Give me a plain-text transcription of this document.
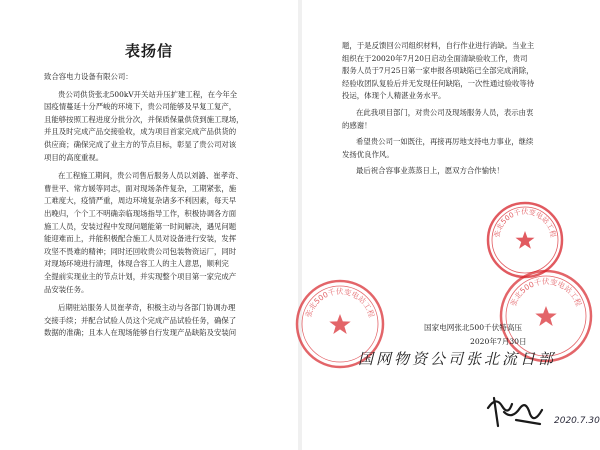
表扬信
致合容电力设备有限公司：
贵公司供货张北500kV开关站升压扩建工程，在今年全
国疫情蔓延十分严峻的环境下，贵公司能够及早复工复产，
且能够按照工程进度分批分次，并保质保量供货到施工现场，
并且及时完成产品交接验收，成为项目首家完成产品供货的
供应商；确保完成了业主方的节点目标，彰显了贵公司对该
项目的高度重视。
在工程施工期间，贵公司售后服务人员以刘潞、崔孝奇、
曹世平、常方媛等同志，面对现场条件复杂，工期紧张，施
工难度大，疫情严重，周边环境复杂诸多不利因素，每天早
出晚归，个个工不明确亲临现场指导工作，积极协调各方面
施工人员，安装过程中发现问题能第一时间解决，遇见问题
能迎难而上，并能积极配合施工人员对设备进行安装，发挥
攻坚不畏难的精神；同时还回收贵公司包装物资运厂，同时
对现场环境进行清理，体现合容工人的主人意思，顺利完
全提前实现业主的节点计划，并实现整个项目第一家完成产
品安装任务。
后期驻站服务人员崔孝奇，积极主动与各部门协调办理
交接手续；并配合试验人员这个完成产品试验任务，确保了
数据的准确；且本人在现场能够自行发现产品缺陷及安装问
题，于是反馈回公司组织材料，自行作业进行消缺。当业主
组织在于20020年7月20日启动全面清缺验收工作，贵司
服务人员于7月25日第一家申报各项缺陷已全部完成消除，
经验收团队复验后并无发现任何缺陷，一次性通过验收等待
投运，体现个人精湛业务水平。
在此我项目部门，对贵公司及现场服务人员，表示由衷
的感谢！
希望贵公司一如既往，再接再厉地支持电力事业，继续
发扬优良作风。
最后祝合容事业蒸蒸日上，愿双方合作愉快！
张北500千伏变电站工程
张北500千伏变电站工程
张北500千伏变电站工程
国家电网张北500千伏特高压
2020年7月30日
国网物资公司张北流日部
2020.7.30
